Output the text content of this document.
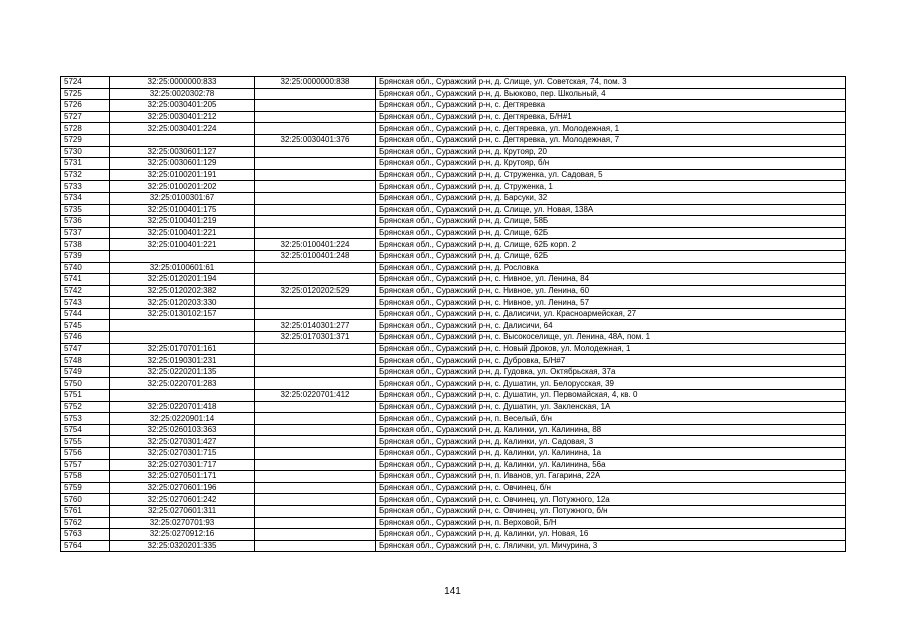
5724	32:25:0000000:833	32:25:0000000:838	Брянская обл., Суражский р-н, д. Слище, ул. Советская, 74, пом. 3
5725	32:25:0020302:78		Брянская обл., Суражский р-н, д. Вьюково, пер. Школьный, 4
5726	32:25:0030401:205		Брянская обл., Суражский р-н, с. Дегтяревка
5727	32:25:0030401:212		Брянская обл., Суражский р-н, с. Дегтяревка, Б/Н#1
5728	32:25:0030401:224		Брянская обл., Суражский р-н, с. Дегтяревка, ул. Молодежная, 1
5729		32:25:0030401:376	Брянская обл., Суражский р-н, с. Дегтяревка, ул. Молодежная, 7
5730	32:25:0030601:127		Брянская обл., Суражский р-н, д. Крутояр, 20
5731	32:25:0030601:129		Брянская обл., Суражский р-н, д. Крутояр, б/н
5732	32:25:0100201:191		Брянская обл., Суражский р-н, д. Струженка, ул. Садовая, 5
5733	32:25:0100201:202		Брянская обл., Суражский р-н, д. Струженка, 1
5734	32:25:0100301:67		Брянская обл., Суражский р-н, д. Барсуки, 32
5735	32:25:0100401:175		Брянская обл., Суражский р-н, д. Слище, ул. Новая, 138А
5736	32:25:0100401:219		Брянская обл., Суражский р-н, д. Слище, 58Б
5737	32:25:0100401:221		Брянская обл., Суражский р-н, д. Слище, 62Б
5738	32:25:0100401:221	32:25:0100401:224	Брянская обл., Суражский р-н, д. Слище, 62Б корп. 2
5739		32:25:0100401:248	Брянская обл., Суражский р-н, д. Слище, 62Б
5740	32:25:0100601:61		Брянская обл., Суражский р-н, д. Рословка
5741	32:25:0120201:194		Брянская обл., Суражский р-н, с. Нивное, ул. Ленина, 84
5742	32:25:0120202:382	32:25:0120202:529	Брянская обл., Суражский р-н, с. Нивное, ул. Ленина, 60
5743	32:25:0120203:330		Брянская обл., Суражский р-н, с. Нивное, ул. Ленина, 57
5744	32:25:0130102:157		Брянская обл., Суражский р-н, с. Далисичи, ул. Красноармейская, 27
5745		32:25:0140301:277	Брянская обл., Суражский р-н, с. Далисичи, 64
5746		32:25:0170301:371	Брянская обл., Суражский р-н, с. Высокоселище, ул. Ленина, 48А, пом. 1
5747	32:25:0170701:161		Брянская обл., Суражский р-н, с. Новый Дроков, ул. Молодежная, 1
5748	32:25:0190301:231		Брянская обл., Суражский р-н, с. Дубровка, Б/Н#7
5749	32:25:0220201:135		Брянская обл., Суражский р-н, д. Гудовка, ул. Октябрьская, 37а
5750	32:25:0220701:283		Брянская обл., Суражский р-н, с. Душатин, ул. Белорусская, 39
5751		32:25:0220701:412	Брянская обл., Суражский р-н, с. Душатин, ул. Первомайская, 4, кв. 0
5752	32:25:0220701:418		Брянская обл., Суражский р-н, с. Душатин, ул. Закленская, 1А
5753	32:25:0220901:14		Брянская обл., Суражский р-н, п. Веселый, б/н
5754	32:25:0260103:363		Брянская обл., Суражский р-н, д. Калинки, ул. Калинина, 88
5755	32:25:0270301:427		Брянская обл., Суражский р-н, д. Калинки, ул. Садовая, 3
5756	32:25:0270301:715		Брянская обл., Суражский р-н, д. Калинки, ул. Калинина, 1а
5757	32:25:0270301:717		Брянская обл., Суражский р-н, д. Калинки, ул. Калинина, 56а
5758	32:25:0270501:171		Брянская обл., Суражский р-н, п. Иванов, ул. Гагарина, 22А
5759	32:25:0270601:196		Брянская обл., Суражский р-н, с. Овчинец, б/н
5760	32:25:0270601:242		Брянская обл., Суражский р-н, с. Овчинец, ул. Потужного, 12а
5761	32:25:0270601:311		Брянская обл., Суражский р-н, с. Овчинец, ул. Потужного, б/н
5762	32:25:0270701:93		Брянская обл., Суражский р-н, п. Верховой, Б/Н
5763	32:25:0270912:16		Брянская обл., Суражский р-н, д. Калинки, ул. Новая, 16
5764	32:25:0320201:335		Брянская обл., Суражский р-н, с. Лялички, ул. Мичурина, 3
141
